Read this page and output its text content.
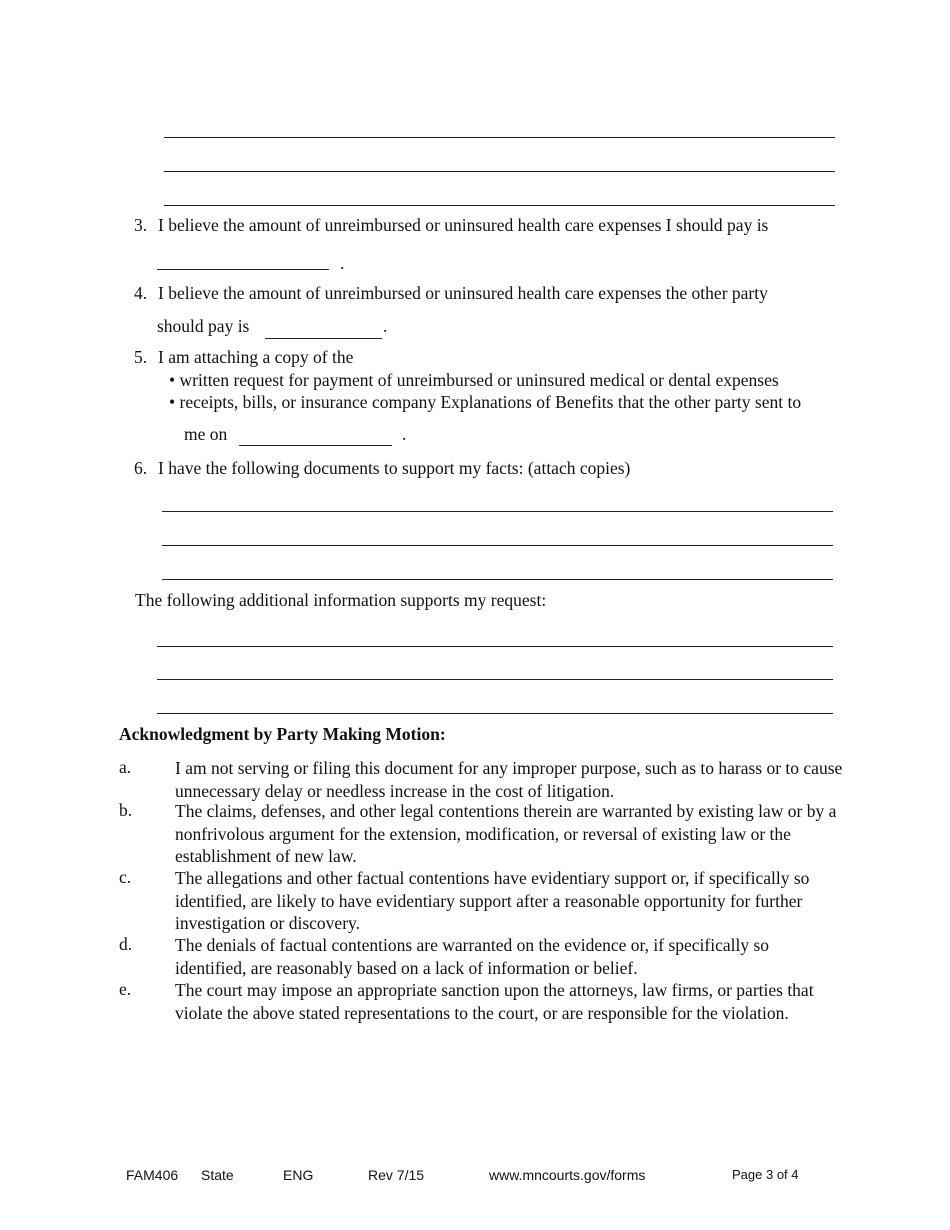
3. I believe the amount of unreimbursed or uninsured health care expenses I should pay is
.
4. I believe the amount of unreimbursed or uninsured health care expenses the other party
should pay is	.
5. I am attaching a copy of the
• written request for payment of unreimbursed or uninsured medical or dental expenses
• receipts, bills, or insurance company Explanations of Benefits that the other party sent to
me on	.
6. I have the following documents to support my facts: (attach copies)
The following additional information supports my request:
Acknowledgment by Party Making Motion:
a.	I am not serving or filing this document for any improper purpose, such as to harass or to cause unnecessary delay or needless increase in the cost of litigation.
b. The claims, defenses, and other legal contentions therein are warranted by existing law or by a nonfrivolous argument for the extension, modification, or reversal of existing law or the establishment of new law.
c.	The allegations and other factual contentions have evidentiary support or, if specifically so identified, are likely to have evidentiary support after a reasonable opportunity for further investigation or discovery.
d. The denials of factual contentions are warranted on the evidence or, if specifically so identified, are reasonably based on a lack of information or belief.
e.	The court may impose an appropriate sanction upon the attorneys, law firms, or parties that violate the above stated representations to the court, or are responsible for the violation.
FAM406 State	ENG	Rev 7/15	www.mncourts.gov/forms	Page 3 of 4
